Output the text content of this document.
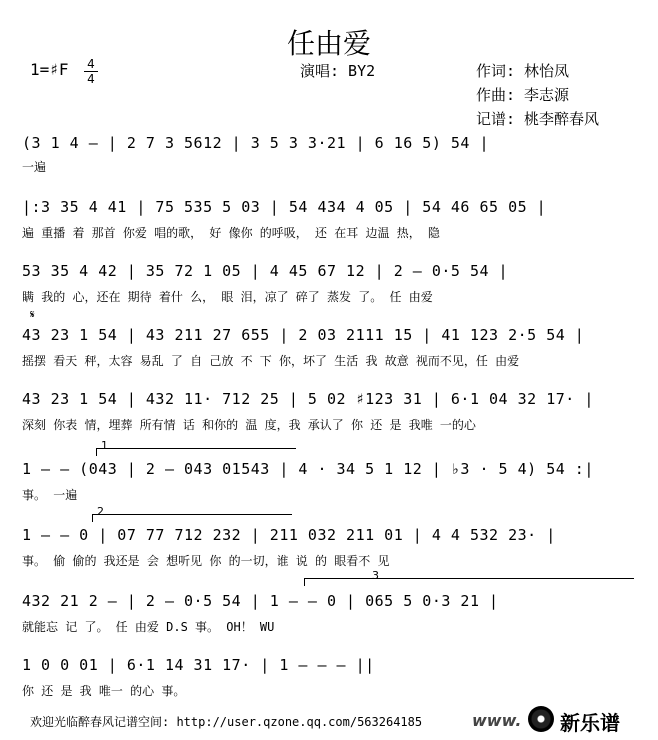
任由爱
1=♯F 4
4	演唱: BY2	作词: 林怡凤
作曲: 李志源
记谱: 桃李醉春风
(3 1 4 – | 2 7 3 5612 | 3 5 3 3·21 | 6 16 5) 54 |
一遍
|:3 35 4 41 | 75 535 5 03 | 54 434 4 05 | 54 46 65 05 |
遍 重播 着 那首 你爱 唱的歌， 好 像你 的呼吸， 还 在耳 边温 热， 隐
53 35 4 42 | 35 72 1 05 | 4 45 67 12 | 2 – 0·5 54 |
瞒 我的 心，还在 期待 着什 么， 眼 泪，凉了 碎了 蒸发 了。 任 由爱
𝄋
43 23 1 54 | 43 211 27 655 | 2 03 2111 15 | 41 123 2·5 54 |
摇摆 看天 秤，太容 易乱 了 自 己放 不 下 你，坏了 生活 我 故意 视而不见，任 由爱
43 23 1 54 | 432 11· 712 25 | 5 02 ♯123 31 | 6·1 04 32 17· |
深刻 你表 情，埋葬 所有情 话 和你的 温 度，我 承认了 你 还 是 我唯 一的心
1
1 – – (043 | 2 – 043 01543 | 4 · 34 5 1 12 | ♭3 · 5 4) 54 :|
事。 一遍
2
1 – – 0 | 07 77 712 232 | 211 032 211 01 | 4 4 532 23· |
事。 偷 偷的 我还是 会 想听见 你 的一切，谁 说 的 眼看不 见
3
432 21 2 – | 2 – 0·5 54 | 1 – – 0 | 065 5 0·3 21 |
就能忘 记 了。 任 由爱 D.S 事。 OH！ WU
1 0 0 01 | 6·1 14 31 17· | 1 – – – ||
你 还 是 我 唯一 的心 事。
欢迎光临醉春风记谱空间: http://user.qzone.qq.com/563264185	www. 新乐谱
